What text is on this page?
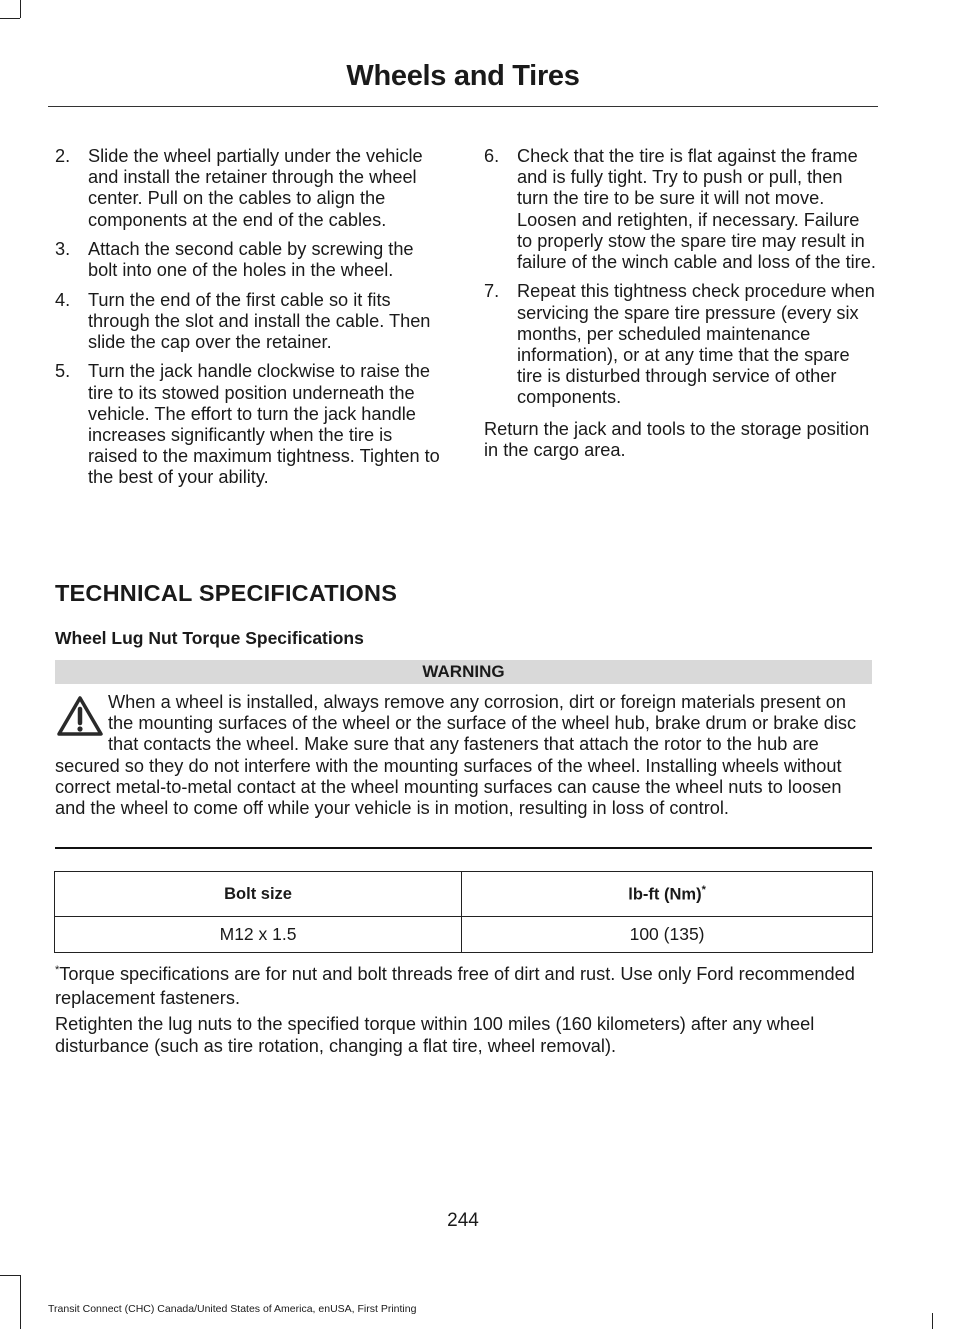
Wheels and Tires
2. Slide the wheel partially under the vehicle and install the retainer through the wheel center. Pull on the cables to align the components at the end of the cables.
3. Attach the second cable by screwing the bolt into one of the holes in the wheel.
4. Turn the end of the first cable so it fits through the slot and install the cable. Then slide the cap over the retainer.
5. Turn the jack handle clockwise to raise the tire to its stowed position underneath the vehicle. The effort to turn the jack handle increases significantly when the tire is raised to the maximum tightness. Tighten to the best of your ability.
6. Check that the tire is flat against the frame and is fully tight. Try to push or pull, then turn the tire to be sure it will not move. Loosen and retighten, if necessary. Failure to properly stow the spare tire may result in failure of the winch cable and loss of the tire.
7. Repeat this tightness check procedure when servicing the spare tire pressure (every six months, per scheduled maintenance information), or at any time that the spare tire is disturbed through service of other components.
Return the jack and tools to the storage position in the cargo area.
TECHNICAL SPECIFICATIONS
Wheel Lug Nut Torque Specifications
WARNING
When a wheel is installed, always remove any corrosion, dirt or foreign materials present on the mounting surfaces of the wheel or the surface of the wheel hub, brake drum or brake disc that contacts the wheel. Make sure that any fasteners that attach the rotor to the hub are secured so they do not interfere with the mounting surfaces of the wheel. Installing wheels without correct metal-to-metal contact at the wheel mounting surfaces can cause the wheel nuts to loosen and the wheel to come off while your vehicle is in motion, resulting in loss of control.
Bolt size	lb-ft (Nm)*
M12 x 1.5	100 (135)
*Torque specifications are for nut and bolt threads free of dirt and rust. Use only Ford recommended replacement fasteners.
Retighten the lug nuts to the specified torque within 100 miles (160 kilometers) after any wheel disturbance (such as tire rotation, changing a flat tire, wheel removal).
244
Transit Connect (CHC) Canada/United States of America, enUSA, First Printing
